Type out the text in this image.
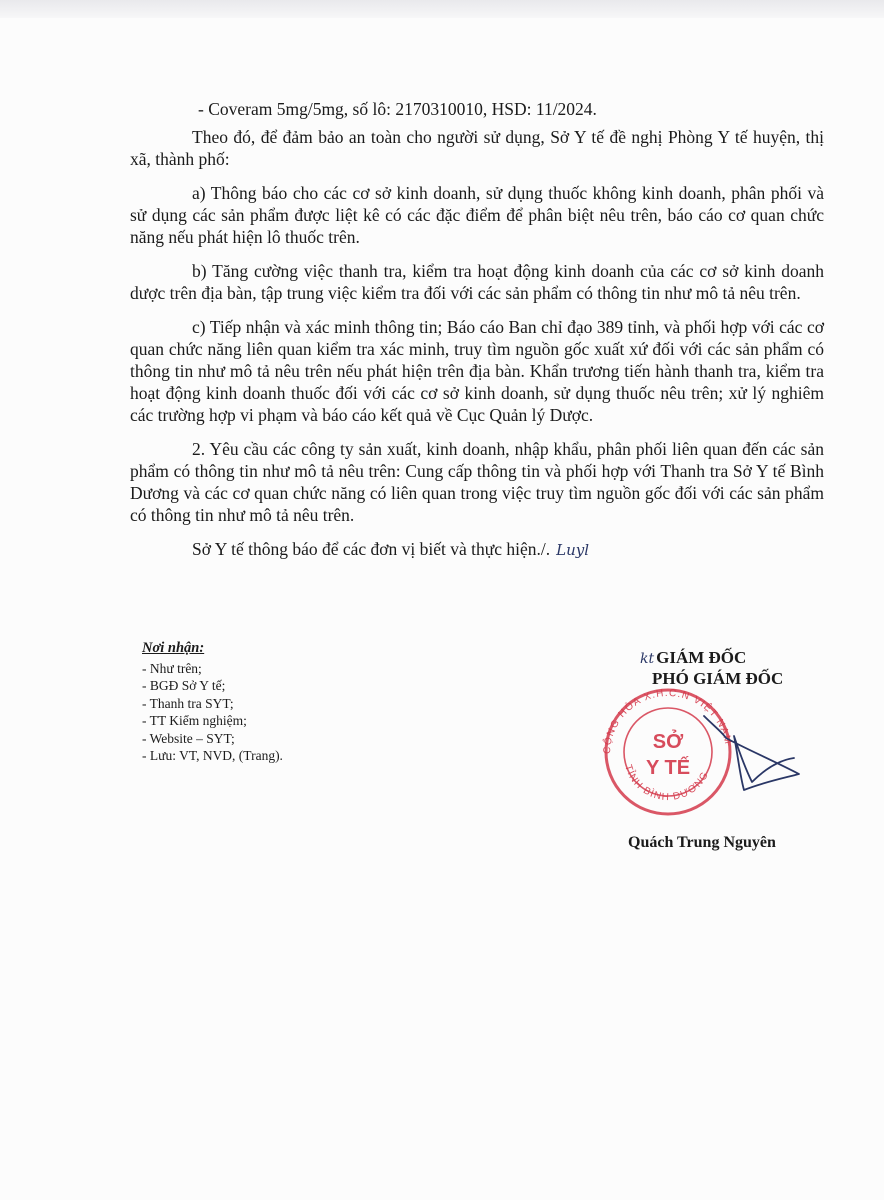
- Coveram 5mg/5mg, số lô: 2170310010, HSD: 11/2024.

Theo đó, để đảm bảo an toàn cho người sử dụng, Sở Y tế đề nghị Phòng Y tế huyện, thị xã, thành phố:

a) Thông báo cho các cơ sở kinh doanh, sử dụng thuốc không kinh doanh, phân phối và sử dụng các sản phẩm được liệt kê có các đặc điểm để phân biệt nêu trên, báo cáo cơ quan chức năng nếu phát hiện lô thuốc trên.

b) Tăng cường việc thanh tra, kiểm tra hoạt động kinh doanh của các cơ sở kinh doanh dược trên địa bàn, tập trung việc kiểm tra đối với các sản phẩm có thông tin như mô tả nêu trên.

c) Tiếp nhận và xác minh thông tin; Báo cáo Ban chỉ đạo 389 tỉnh, và phối hợp với các cơ quan chức năng liên quan kiểm tra xác minh, truy tìm nguồn gốc xuất xứ đối với các sản phẩm có thông tin như mô tả nêu trên nếu phát hiện trên địa bàn. Khẩn trương tiến hành thanh tra, kiểm tra hoạt động kinh doanh thuốc đối với các cơ sở kinh doanh, sử dụng thuốc nêu trên; xử lý nghiêm các trường hợp vi phạm và báo cáo kết quả về Cục Quản lý Dược.

2. Yêu cầu các công ty sản xuất, kinh doanh, nhập khẩu, phân phối liên quan đến các sản phẩm có thông tin như mô tả nêu trên: Cung cấp thông tin và phối hợp với Thanh tra Sở Y tế Bình Dương và các cơ quan chức năng có liên quan trong việc truy tìm nguồn gốc đối với các sản phẩm có thông tin như mô tả nêu trên.

Sở Y tế thông báo để các đơn vị biết và thực hiện./. Luyl

Nơi nhận:
- Như trên;
- BGĐ Sở Y tế;
- Thanh tra SYT;
- TT Kiểm nghiệm;
- Website – SYT;
- Lưu: VT, NVD, (Trang).
kt GIÁM ĐỐC
PHÓ GIÁM ĐỐC
CỘNG HÒA X.H.C.N VIỆT NAM
TỈNH BÌNH DƯƠNG
SỞ
Y TẾ
Quách Trung Nguyên
